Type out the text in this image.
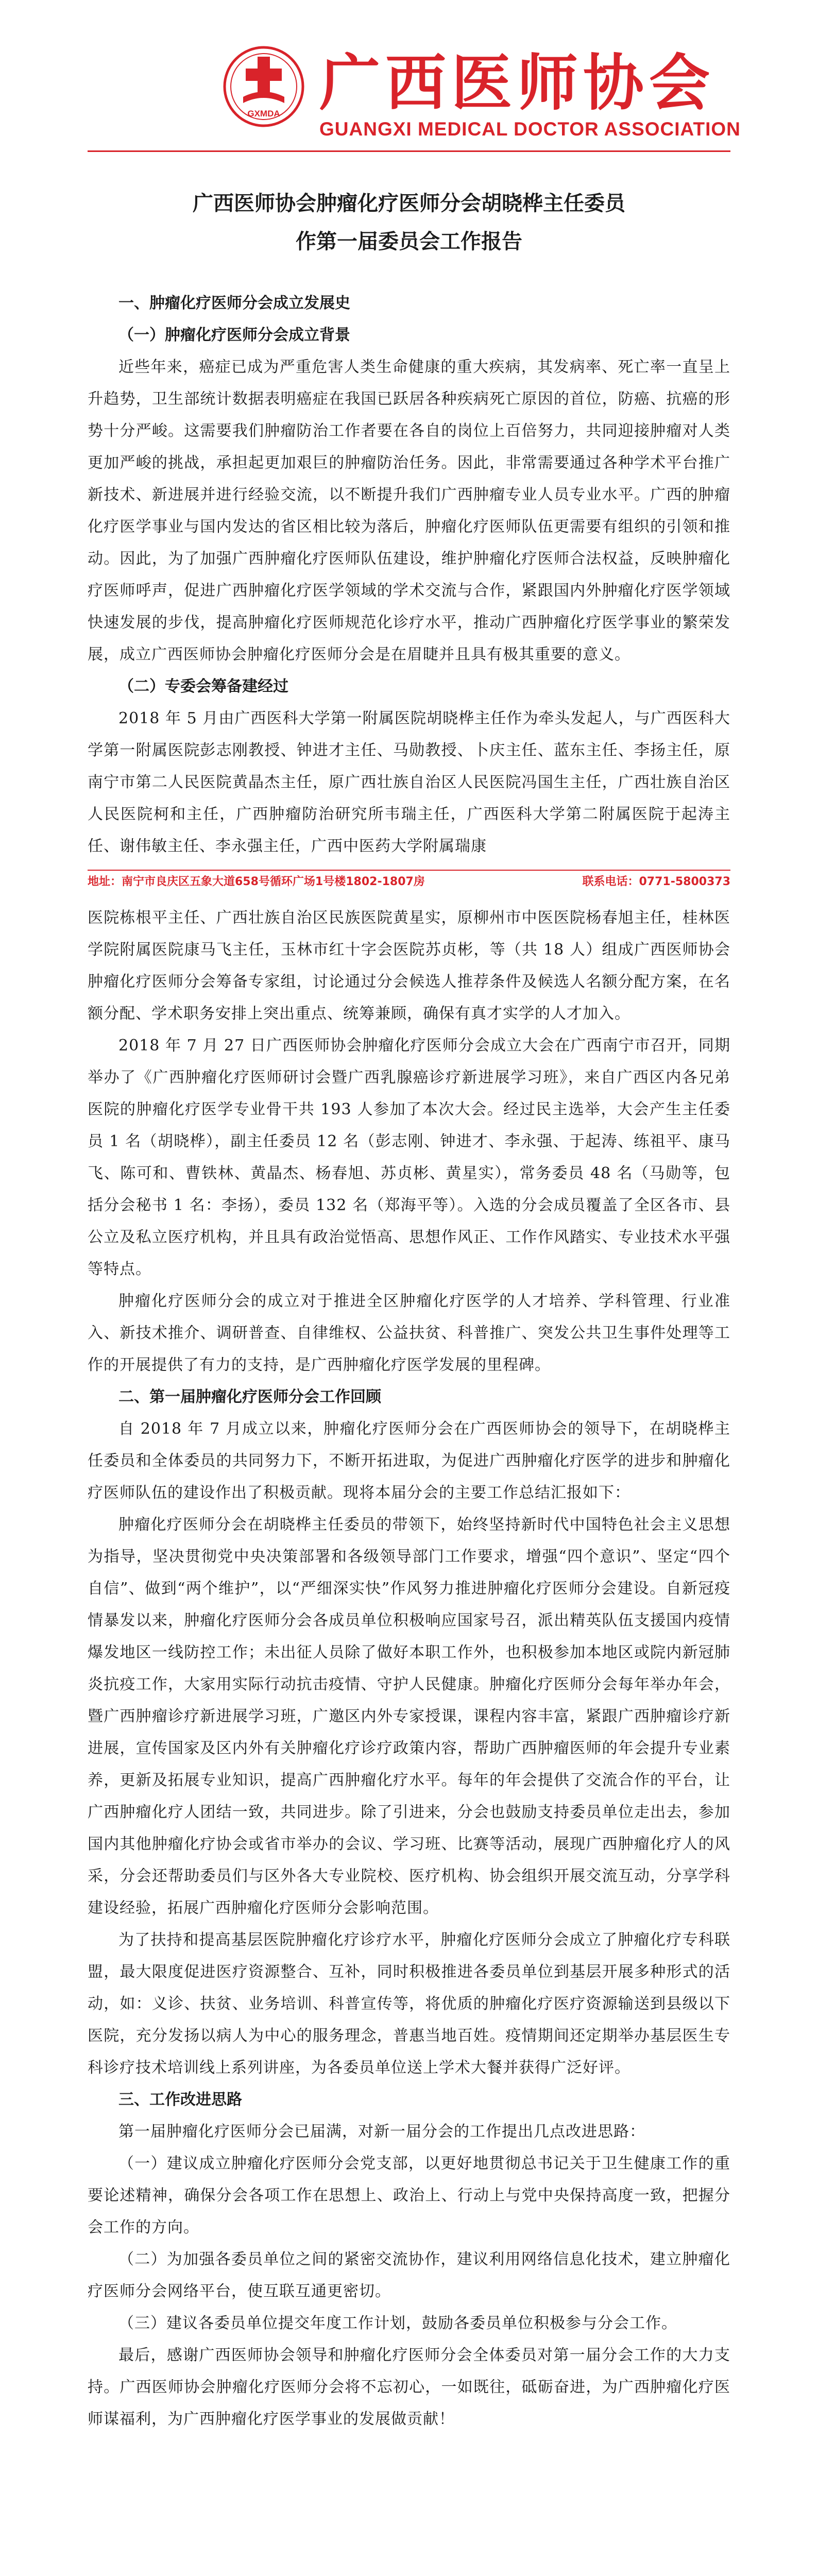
GXMDA 广西医师协会
GUANGXI MEDICAL DOCTOR ASSOCIATION
广西医师协会肿瘤化疗医师分会胡晓桦主任委员
作第一届委员会工作报告

一、肿瘤化疗医师分会成立发展史

（一）肿瘤化疗医师分会成立背景

近些年来，癌症已成为严重危害人类生命健康的重大疾病，其发病率、死亡率一直呈上升趋势，卫生部统计数据表明癌症在我国已跃居各种疾病死亡原因的首位，防癌、抗癌的形势十分严峻。这需要我们肿瘤防治工作者要在各自的岗位上百倍努力，共同迎接肿瘤对人类更加严峻的挑战，承担起更加艰巨的肿瘤防治任务。因此，非常需要通过各种学术平台推广新技术、新进展并进行经验交流，以不断提升我们广西肿瘤专业人员专业水平。广西的肿瘤化疗医学事业与国内发达的省区相比较为落后，肿瘤化疗医师队伍更需要有组织的引领和推动。因此，为了加强广西肿瘤化疗医师队伍建设，维护肿瘤化疗医师合法权益，反映肿瘤化疗医师呼声，促进广西肿瘤化疗医学领域的学术交流与合作，紧跟国内外肿瘤化疗医学领域快速发展的步伐，提高肿瘤化疗医师规范化诊疗水平，推动广西肿瘤化疗医学事业的繁荣发展，成立广西医师协会肿瘤化疗医师分会是在眉睫并且具有极其重要的意义。

（二）专委会筹备建经过

2018 年 5 月由广西医科大学第一附属医院胡晓桦主任作为牵头发起人，与广西医科大学第一附属医院彭志刚教授、钟进才主任、马勋教授、卜庆主任、蓝东主任、李扬主任，原南宁市第二人民医院黄晶杰主任，原广西壮族自治区人民医院冯国生主任，广西壮族自治区人民医院柯和主任，广西肿瘤防治研究所韦瑞主任，广西医科大学第二附属医院于起涛主任、谢伟敏主任、李永强主任，广西中医药大学附属瑞康

地址：南宁市良庆区五象大道658号循环广场1号楼1802-1807房	联系电话：0771-5800373

医院栋根平主任、广西壮族自治区民族医院黄星实，原柳州市中医医院杨春旭主任，桂林医学院附属医院康马飞主任，玉林市红十字会医院苏贞彬，等（共 18 人）组成广西医师协会肿瘤化疗医师分会筹备专家组，讨论通过分会候选人推荐条件及候选人名额分配方案，在名额分配、学术职务安排上突出重点、统筹兼顾，确保有真才实学的人才加入。

2018 年 7 月 27 日广西医师协会肿瘤化疗医师分会成立大会在广西南宁市召开，同期举办了《广西肿瘤化疗医师研讨会暨广西乳腺癌诊疗新进展学习班》，来自广西区内各兄弟医院的肿瘤化疗医学专业骨干共 193 人参加了本次大会。经过民主选举，大会产生主任委员 1 名（胡晓桦），副主任委员 12 名（彭志刚、钟进才、李永强、于起涛、练祖平、康马飞、陈可和、曹铁林、黄晶杰、杨春旭、苏贞彬、黄星实），常务委员 48 名（马勋等，包括分会秘书 1 名：李扬），委员 132 名（郑海平等）。入选的分会成员覆盖了全区各市、县公立及私立医疗机构，并且具有政治觉悟高、思想作风正、工作作风踏实、专业技术水平强等特点。

肿瘤化疗医师分会的成立对于推进全区肿瘤化疗医学的人才培养、学科管理、行业准入、新技术推介、调研普查、自律维权、公益扶贫、科普推广、突发公共卫生事件处理等工作的开展提供了有力的支持，是广西肿瘤化疗医学发展的里程碑。

二、第一届肿瘤化疗医师分会工作回顾

自 2018 年 7 月成立以来，肿瘤化疗医师分会在广西医师协会的领导下，在胡晓桦主任委员和全体委员的共同努力下，不断开拓进取，为促进广西肿瘤化疗医学的进步和肿瘤化疗医师队伍的建设作出了积极贡献。现将本届分会的主要工作总结汇报如下：

肿瘤化疗医师分会在胡晓桦主任委员的带领下，始终坚持新时代中国特色社会主义思想为指导，坚决贯彻党中央决策部署和各级领导部门工作要求，增强“四个意识”、坚定“四个自信”、做到“两个维护”，以“严细深实快”作风努力推进肿瘤化疗医师分会建设。自新冠疫情暴发以来，肿瘤化疗医师分会各成员单位积极响应国家号召，派出精英队伍支援国内疫情爆发地区一线防控工作；未出征人员除了做好本职工作外，也积极参加本地区或院内新冠肺炎抗疫工作，大家用实际行动抗击疫情、守护人民健康。肿瘤化疗医师分会每年举办年会，暨广西肿瘤诊疗新进展学习班，广邀区内外专家授课，课程内容丰富，紧跟广西肿瘤诊疗新进展，宣传国家及区内外有关肿瘤化疗诊疗政策内容，帮助广西肿瘤医师的年会提升专业素养，更新及拓展专业知识，提高广西肿瘤化疗水平。每年的年会提供了交流合作的平台，让广西肿瘤化疗人团结一致，共同进步。除了引进来，分会也鼓励支持委员单位走出去，参加国内其他肿瘤化疗协会或省市举办的会议、学习班、比赛等活动，展现广西肿瘤化疗人的风采，分会还帮助委员们与区外各大专业院校、医疗机构、协会组织开展交流互动，分享学科建设经验，拓展广西肿瘤化疗医师分会影响范围。

为了扶持和提高基层医院肿瘤化疗诊疗水平，肿瘤化疗医师分会成立了肿瘤化疗专科联盟，最大限度促进医疗资源整合、互补，同时积极推进各委员单位到基层开展多种形式的活动，如：义诊、扶贫、业务培训、科普宣传等，将优质的肿瘤化疗医疗资源输送到县级以下医院，充分发扬以病人为中心的服务理念，普惠当地百姓。疫情期间还定期举办基层医生专科诊疗技术培训线上系列讲座，为各委员单位送上学术大餐并获得广泛好评。

三、工作改进思路

第一届肿瘤化疗医师分会已届满，对新一届分会的工作提出几点改进思路：

（一）建议成立肿瘤化疗医师分会党支部，以更好地贯彻总书记关于卫生健康工作的重要论述精神，确保分会各项工作在思想上、政治上、行动上与党中央保持高度一致，把握分会工作的方向。

（二）为加强各委员单位之间的紧密交流协作，建议利用网络信息化技术，建立肿瘤化疗医师分会网络平台，使互联互通更密切。

（三）建议各委员单位提交年度工作计划，鼓励各委员单位积极参与分会工作。

最后，感谢广西医师协会领导和肿瘤化疗医师分会全体委员对第一届分会工作的大力支持。广西医师协会肿瘤化疗医师分会将不忘初心，一如既往，砥砺奋进，为广西肿瘤化疗医师谋福利，为广西肿瘤化疗医学事业的发展做贡献！
